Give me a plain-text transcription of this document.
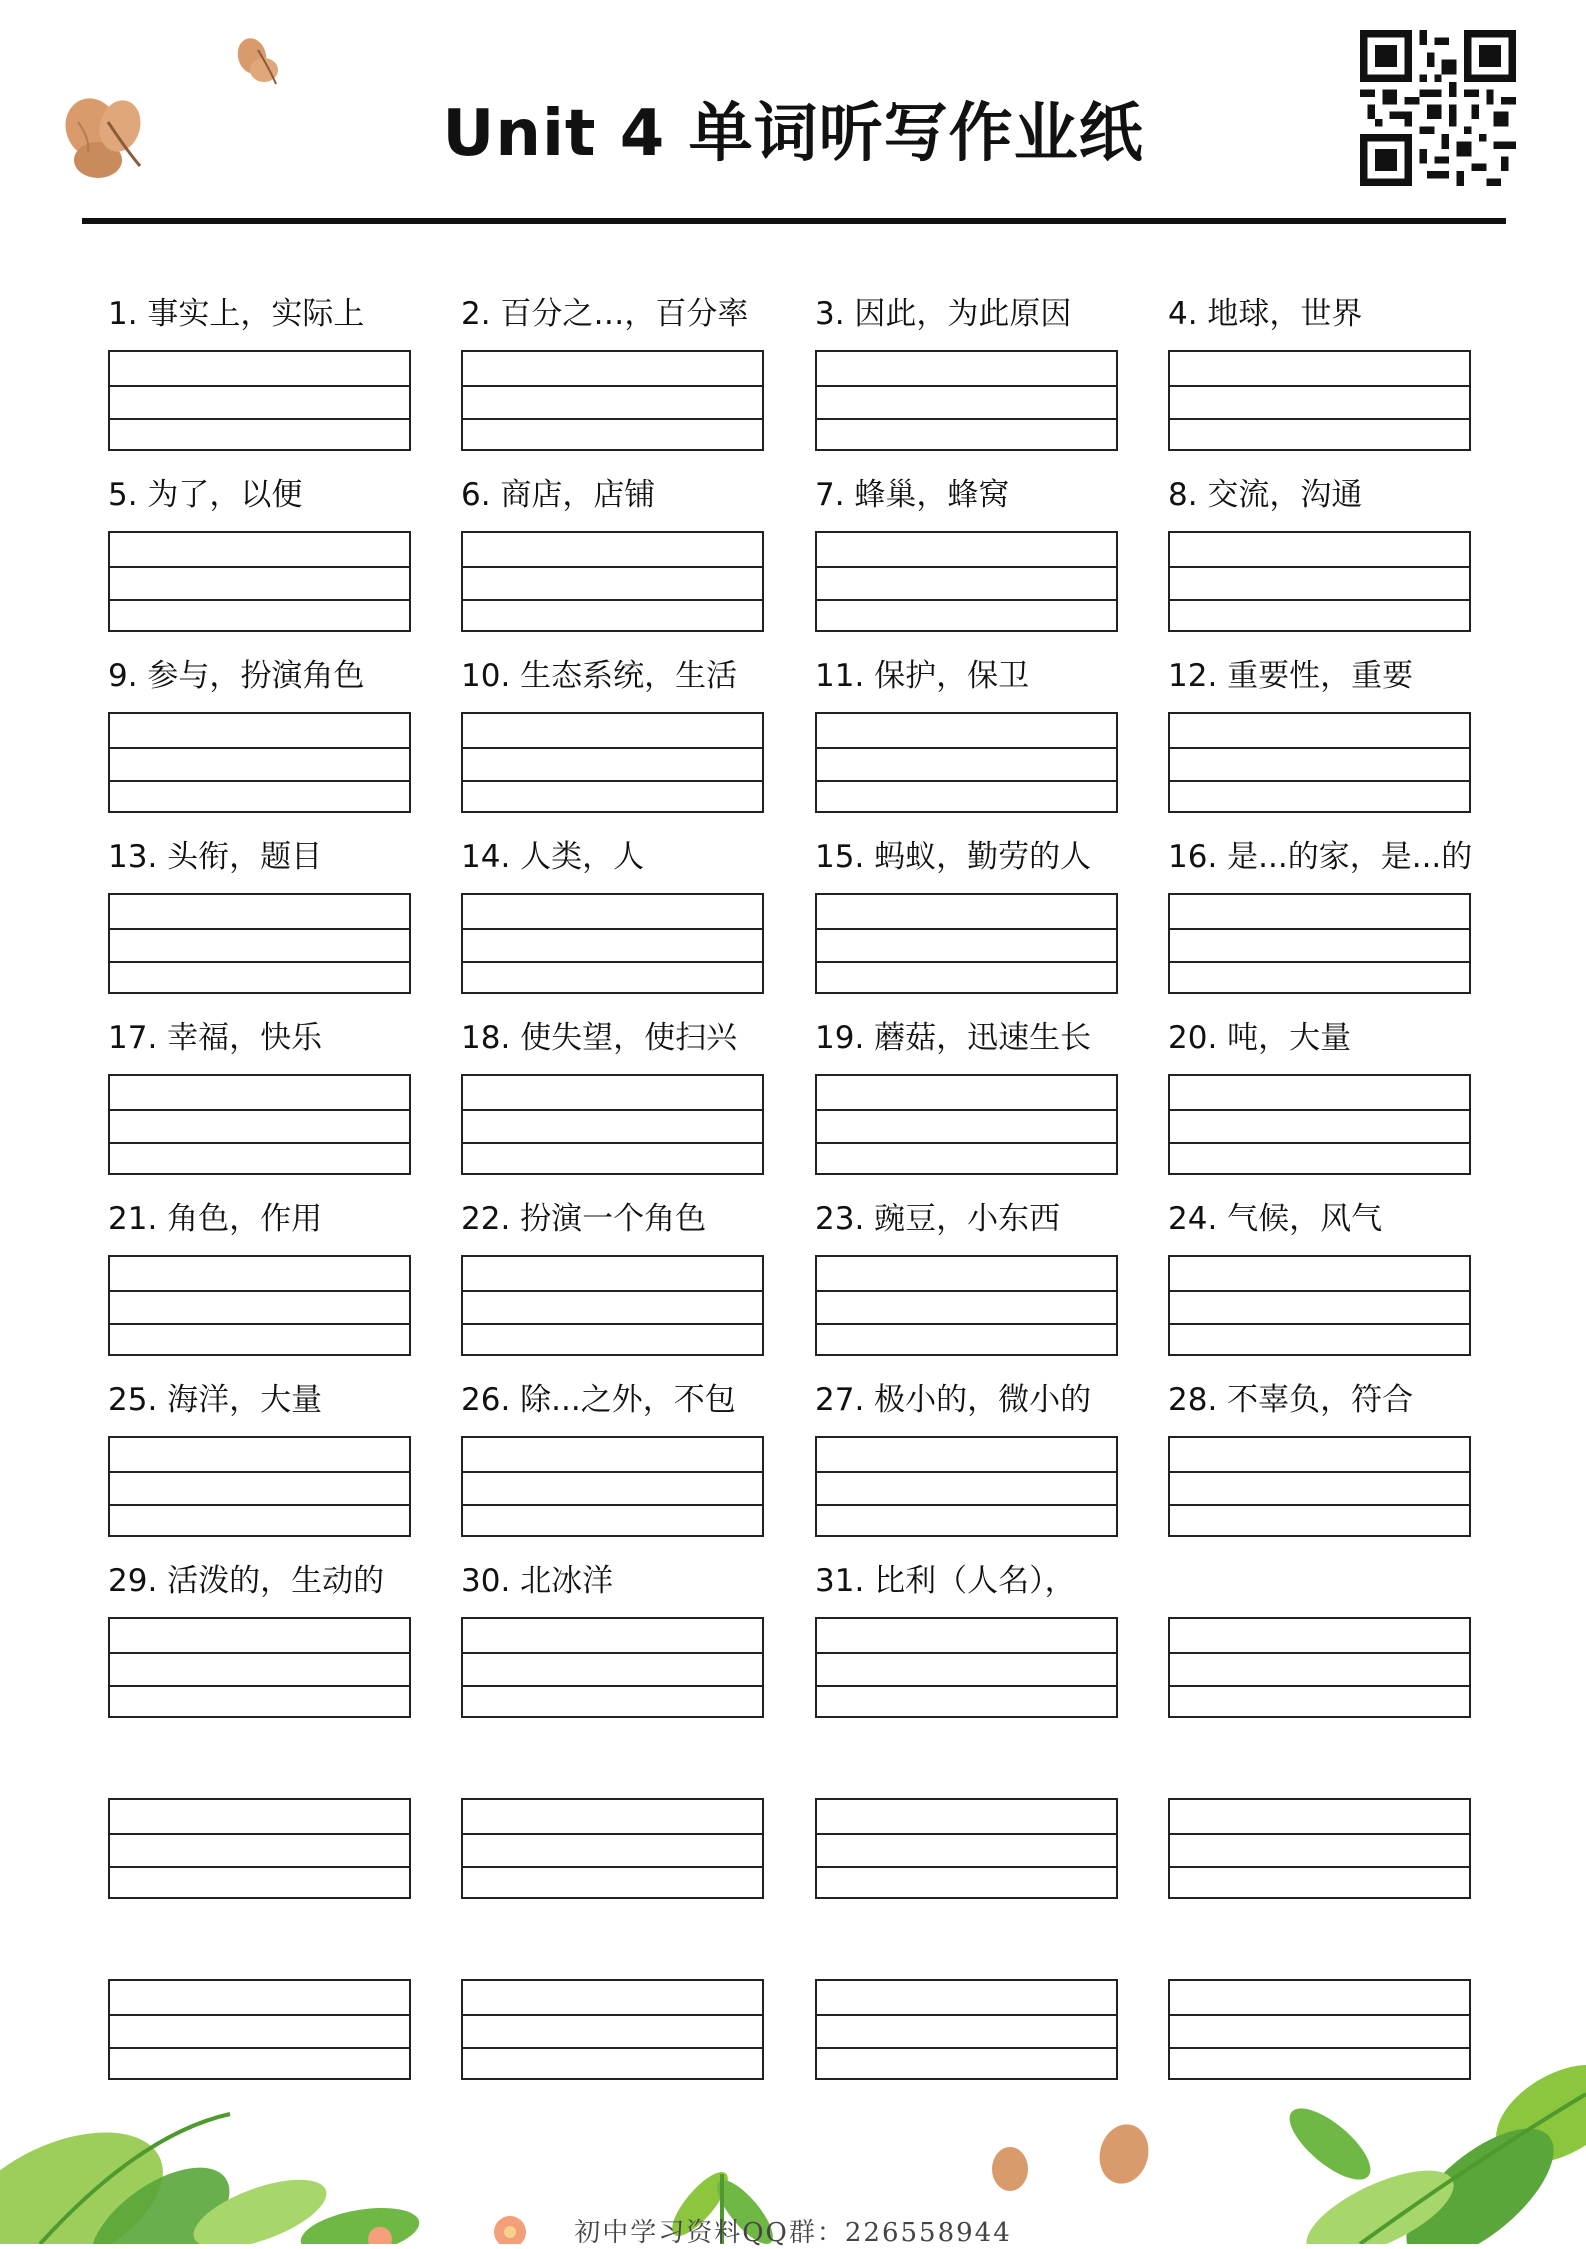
Unit 4 单词听写作业纸
1. 事实上，实际上	2. 百分之…，百分率	3. 因此，为此原因	4. 地球，世界
5. 为了，以便	6. 商店，店铺	7. 蜂巢，蜂窝	8. 交流，沟通
9. 参与，扮演角色	10. 生态系统，生活	11. 保护，保卫	12. 重要性，重要
13. 头衔，题目	14. 人类，人	15. 蚂蚁，勤劳的人	16. 是...的家，是...的
17. 幸福，快乐	18. 使失望，使扫兴	19. 蘑菇，迅速生长	20. 吨，大量
21. 角色，作用	22. 扮演一个角色	23. 豌豆，小东西	24. 气候，风气
25. 海洋，大量	26. 除...之外，不包	27. 极小的，微小的	28. 不辜负，符合
29. 活泼的，生动的	30. 北冰洋	31. 比利（人名），
初中学习资料QQ群：226558944
